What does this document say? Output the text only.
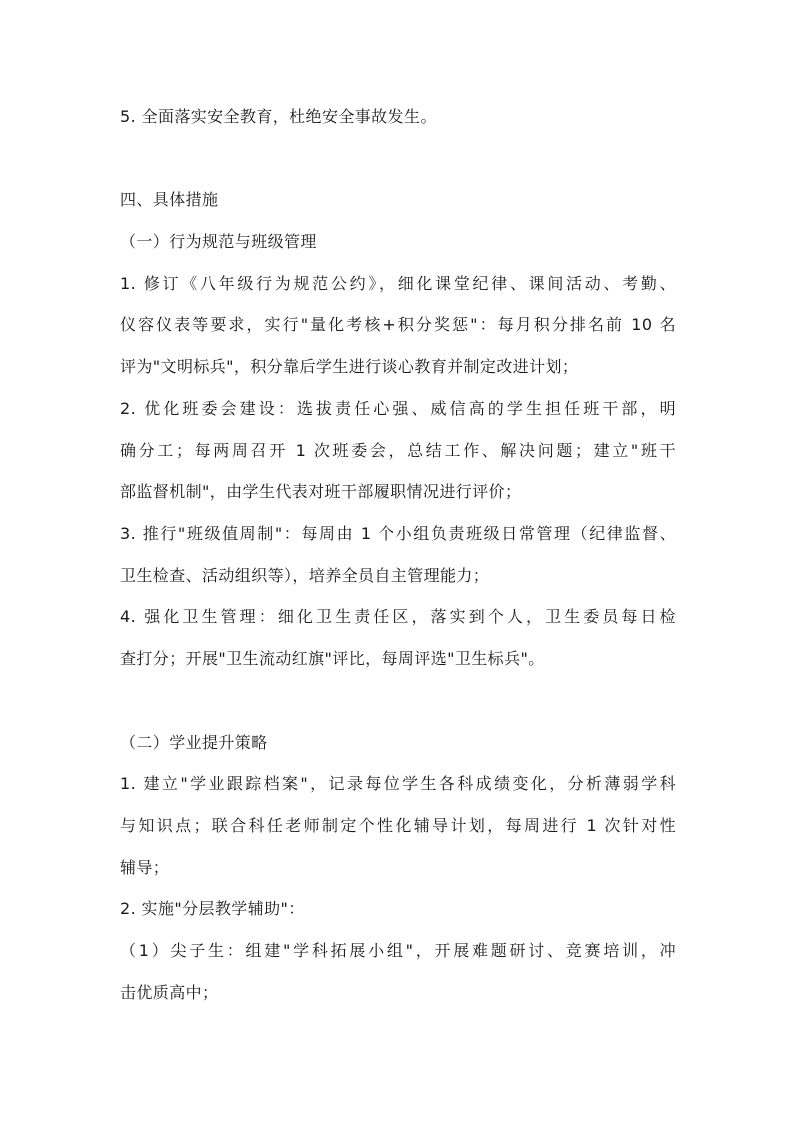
5. 全面落实安全教育，杜绝安全事故发生。
四、具体措施
（一）行为规范与班级管理
1. 修订《八年级行为规范公约》，细化课堂纪律、课间活动、考勤、
仪容仪表等要求，实行"量化考核+积分奖惩"：每月积分排名前 10 名
评为"文明标兵"，积分靠后学生进行谈心教育并制定改进计划；
2. 优化班委会建设：选拔责任心强、威信高的学生担任班干部，明
确分工；每两周召开 1 次班委会，总结工作、解决问题；建立"班干
部监督机制"，由学生代表对班干部履职情况进行评价；
3. 推行"班级值周制"：每周由 1 个小组负责班级日常管理（纪律监督、
卫生检查、活动组织等），培养全员自主管理能力；
4. 强化卫生管理：细化卫生责任区，落实到个人，卫生委员每日检
查打分；开展"卫生流动红旗"评比，每周评选"卫生标兵"。
（二）学业提升策略
1. 建立"学业跟踪档案"，记录每位学生各科成绩变化，分析薄弱学科
与知识点；联合科任老师制定个性化辅导计划，每周进行 1 次针对性
辅导；
2. 实施"分层教学辅助"：
（1）尖子生：组建"学科拓展小组"，开展难题研讨、竞赛培训，冲
击优质高中；
